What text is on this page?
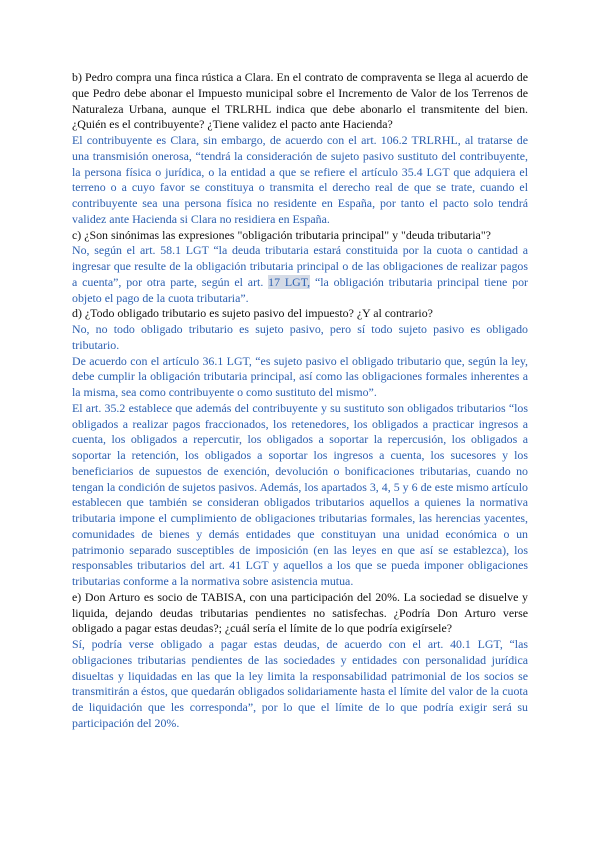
b) Pedro compra una finca rústica a Clara. En el contrato de compraventa se llega al acuerdo de que Pedro debe abonar el Impuesto municipal sobre el Incremento de Valor de los Terrenos de Naturaleza Urbana, aunque el TRLRHL indica que debe abonarlo el transmitente del bien. ¿Quién es el contribuyente? ¿Tiene validez el pacto ante Hacienda?

El contribuyente es Clara, sin embargo, de acuerdo con el art. 106.2 TRLRHL, al tratarse de una transmisión onerosa, “tendrá la consideración de sujeto pasivo sustituto del contribuyente, la persona física o jurídica, o la entidad a que se refiere el artículo 35.4 LGT que adquiera el terreno o a cuyo favor se constituya o transmita el derecho real de que se trate, cuando el contribuyente sea una persona física no residente en España, por tanto el pacto solo tendrá validez ante Hacienda si Clara no residiera en España.

c) ¿Son sinónimas las expresiones "obligación tributaria principal" y "deuda tributaria"?

No, según el art. 58.1 LGT “la deuda tributaria estará constituida por la cuota o cantidad a ingresar que resulte de la obligación tributaria principal o de las obligaciones de realizar pagos a cuenta”, por otra parte, según el art. 17 LGT, “la obligación tributaria principal tiene por objeto el pago de la cuota tributaria”.

d) ¿Todo obligado tributario es sujeto pasivo del impuesto? ¿Y al contrario?

No, no todo obligado tributario es sujeto pasivo, pero sí todo sujeto pasivo es obligado tributario.

De acuerdo con el artículo 36.1 LGT, “es sujeto pasivo el obligado tributario que, según la ley, debe cumplir la obligación tributaria principal, así como las obligaciones formales inherentes a la misma, sea como contribuyente o como sustituto del mismo”.

El art. 35.2 establece que además del contribuyente y su sustituto son obligados tributarios “los obligados a realizar pagos fraccionados, los retenedores, los obligados a practicar ingresos a cuenta, los obligados a repercutir, los obligados a soportar la repercusión, los obligados a soportar la retención, los obligados a soportar los ingresos a cuenta, los sucesores y los beneficiarios de supuestos de exención, devolución o bonificaciones tributarias, cuando no tengan la condición de sujetos pasivos. Además, los apartados 3, 4, 5 y 6 de este mismo artículo establecen que también se consideran obligados tributarios aquellos a quienes la normativa tributaria impone el cumplimiento de obligaciones tributarias formales, las herencias yacentes, comunidades de bienes y demás entidades que constituyan una unidad económica o un patrimonio separado susceptibles de imposición (en las leyes en que así se establezca), los responsables tributarios del art. 41 LGT y aquellos a los que se pueda imponer obligaciones tributarias conforme a la normativa sobre asistencia mutua.

e) Don Arturo es socio de TABISA, con una participación del 20%. La sociedad se disuelve y liquida, dejando deudas tributarias pendientes no satisfechas. ¿Podría Don Arturo verse obligado a pagar estas deudas?; ¿cuál sería el límite de lo que podría exigírsele?

Sí, podría verse obligado a pagar estas deudas, de acuerdo con el art. 40.1 LGT, “las obligaciones tributarias pendientes de las sociedades y entidades con personalidad jurídica disueltas y liquidadas en las que la ley limita la responsabilidad patrimonial de los socios se transmitirán a éstos, que quedarán obligados solidariamente hasta el límite del valor de la cuota de liquidación que les corresponda”, por lo que el límite de lo que podría exigir será su participación del 20%.
